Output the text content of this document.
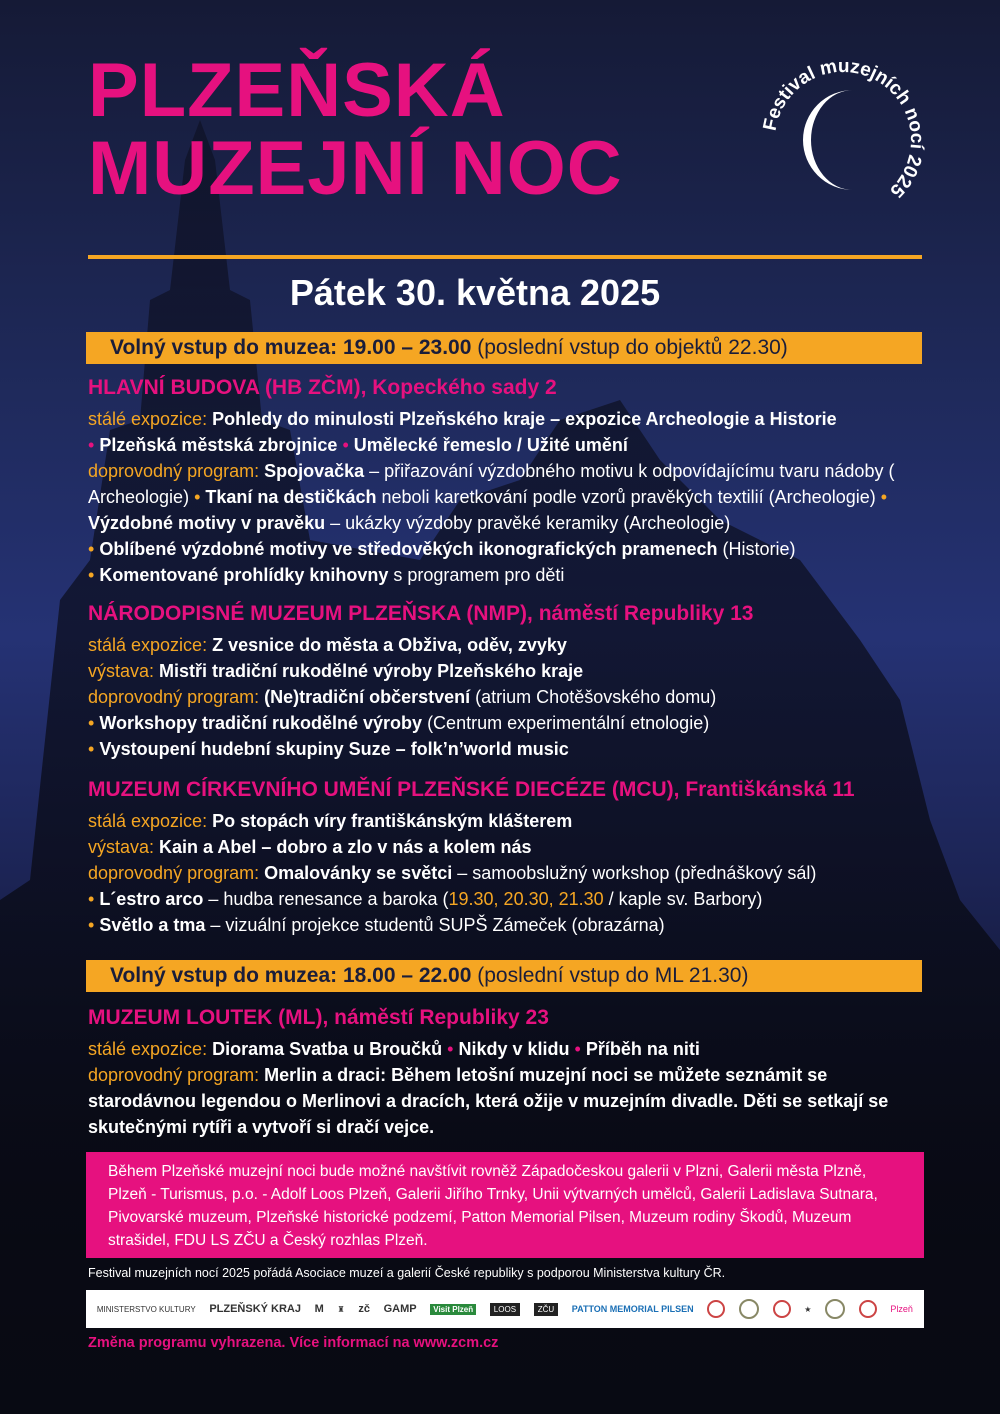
PLZEŇSKÁ
MUZEJNÍ NOC
Festival muzejních nocí 2025
Pátek 30. května 2025
Volný vstup do muzea: 19.00 – 23.00 (poslední vstup do objektů 22.30)
HLAVNÍ BUDOVA (HB ZČM), Kopeckého sady 2

stálé expozice: Pohledy do minulosti Plzeňského kraje – expozice Archeologie a Historie

• Plzeňská městská zbrojnice • Umělecké řemeslo / Užité umění

doprovodný program: Spojovačka – přiřazování výzdobného motivu k odpovídajícímu tvaru nádoby ( Archeologie) • Tkaní na destičkách neboli karetkování podle vzorů pravěkých textilií (Archeologie) • Výzdobné motivy v pravěku – ukázky výzdoby pravěké keramiky (Archeologie)

• Oblíbené výzdobné motivy ve středověkých ikonografických pramenech (Historie)

• Komentované prohlídky knihovny s programem pro děti

NÁRODOPISNÉ MUZEUM PLZEŇSKA (NMP), náměstí Republiky 13

stálá expozice: Z vesnice do města a Obživa, oděv, zvyky

výstava: Mistři tradiční rukodělné výroby Plzeňského kraje

doprovodný program: (Ne)tradiční občerstvení (atrium Chotěšovského domu)

• Workshopy tradiční rukodělné výroby (Centrum experimentální etnologie)

• Vystoupení hudební skupiny Suze – folk’n’world music

MUZEUM CÍRKEVNÍHO UMĚNÍ PLZEŇSKÉ DIECÉZE (MCU), Františkánská 11

stálá expozice: Po stopách víry františkánským klášterem

výstava: Kain a Abel – dobro a zlo v nás a kolem nás

doprovodný program: Omalovánky se světci – samoobslužný workshop (přednáškový sál)

• L´estro arco – hudba renesance a baroka (19.30, 20.30, 21.30 / kaple sv. Barbory)

• Světlo a tma – vizuální projekce studentů SUPŠ Zámeček (obrazárna)

Volný vstup do muzea: 18.00 – 22.00 (poslední vstup do ML 21.30)
MUZEUM LOUTEK (ML), náměstí Republiky 23

stálé expozice: Diorama Svatba u Broučků • Nikdy v klidu • Příběh na niti

doprovodný program: Merlin a draci: Během letošní muzejní noci se můžete seznámit se starodávnou legendou o Merlinovi a dracích, která ožije v muzejním divadle. Děti se setkají se skutečnými rytíři a vytvoří si dračí vejce.

Během Plzeňské muzejní noci bude možné navštívit rovněž Západočeskou galerii v Plzni, Galerii města Plzně, Plzeň - Turismus, p.o. - Adolf Loos Plzeň, Galerii Jiřího Trnky, Unii výtvarných umělců, Galerii Ladislava Sutnara, Pivovarské muzeum, Plzeňské historické podzemí, Patton Memorial Pilsen, Muzeum rodiny Škodů, Muzeum strašidel, FDU LS ZČU a Český rozhlas Plzeň.
Festival muzejních nocí 2025 pořádá Asociace muzeí a galerií České republiky s podporou Ministerstva kultury ČR.
MINISTERSTVO KULTURY PLZEŇSKÝ KRAJ M ♜ zč GAMP	Visit Plzeň	LOOS	ZČU	PATTON MEMORIAL PILSEN	★	Plzeň
Změna programu vyhrazena. Více informací na www.zcm.cz
